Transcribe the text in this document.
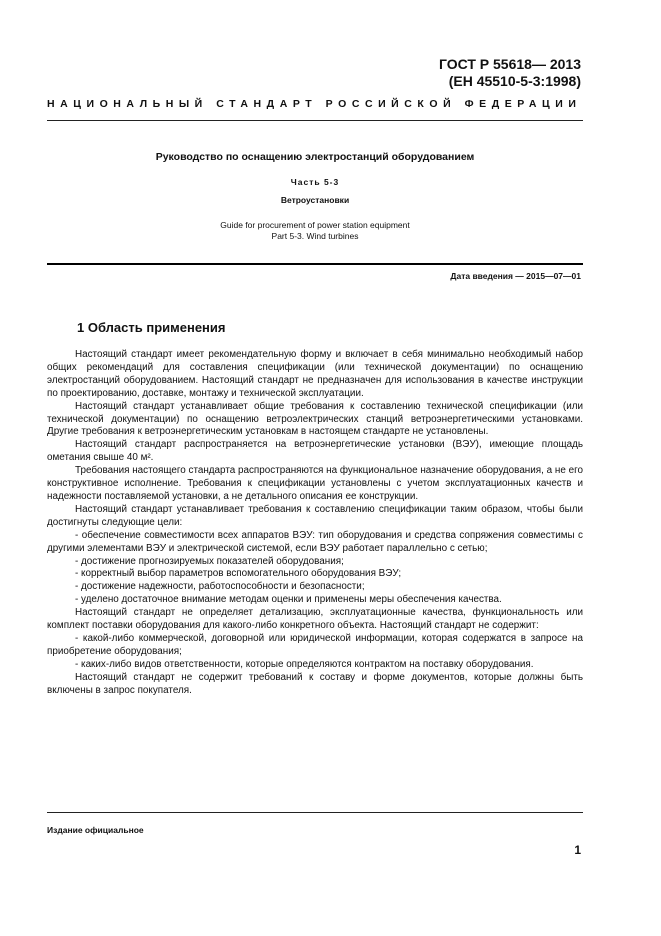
ГОСТ Р 55618— 2013
(EH 45510-5-3:1998)
НАЦИОНАЛЬНЫЙ СТАНДАРТ РОССИЙСКОЙ ФЕДЕРАЦИИ
Руководство по оснащению электростанций оборудованием
Часть 5-3
Ветроустановки
Guide for procurement of power station equipment
Part 5-3. Wind turbines
Дата введения — 2015—07—01
1 Область применения

Настоящий стандарт имеет рекомендательную форму и включает в себя минимально необходимый набор общих рекомендаций для составления спецификации (или технической документации) по оснащению электростанций оборудованием. Настоящий стандарт не предназначен для использования в качестве инструкции по проектированию, доставке, монтажу и технической эксплуатации.

Настоящий стандарт устанавливает общие требования к составлению технической спецификации (или технической документации) по оснащению ветроэлектрических станций ветроэнергетическими установками. Другие требования к ветроэнергетическим установкам в настоящем стандарте не установлены.

Настоящий стандарт распространяется на ветроэнергетические установки (ВЭУ), имеющие площадь ометания свыше 40 м².

Требования настоящего стандарта распространяются на функциональное назначение оборудования, а не его конструктивное исполнение. Требования к спецификации установлены с учетом эксплуатационных качеств и надежности поставляемой установки, а не детального описания ее конструкции.

Настоящий стандарт устанавливает требования к составлению спецификации таким образом, чтобы были достигнуты следующие цели:

- обеспечение совместимости всех аппаратов ВЭУ: тип оборудования и средства сопряжения совместимы с другими элементами ВЭУ и электрической системой, если ВЭУ работает параллельно с сетью;

- достижение прогнозируемых показателей оборудования;

- корректный выбор параметров вспомогательного оборудования ВЭУ;

- достижение надежности, работоспособности и безопасности;

- уделено достаточное внимание методам оценки и применены меры обеспечения качества.

Настоящий стандарт не определяет детализацию, эксплуатационные качества, функциональность или комплект поставки оборудования для какого-либо конкретного объекта. Настоящий стандарт не содержит:

- какой-либо коммерческой, договорной или юридической информации, которая содержатся в запросе на приобретение оборудования;

- каких-либо видов ответственности, которые определяются контрактом на поставку оборудования.

Настоящий стандарт не содержит требований к составу и форме документов, которые должны быть включены в запрос покупателя.

Издание официальное
1
